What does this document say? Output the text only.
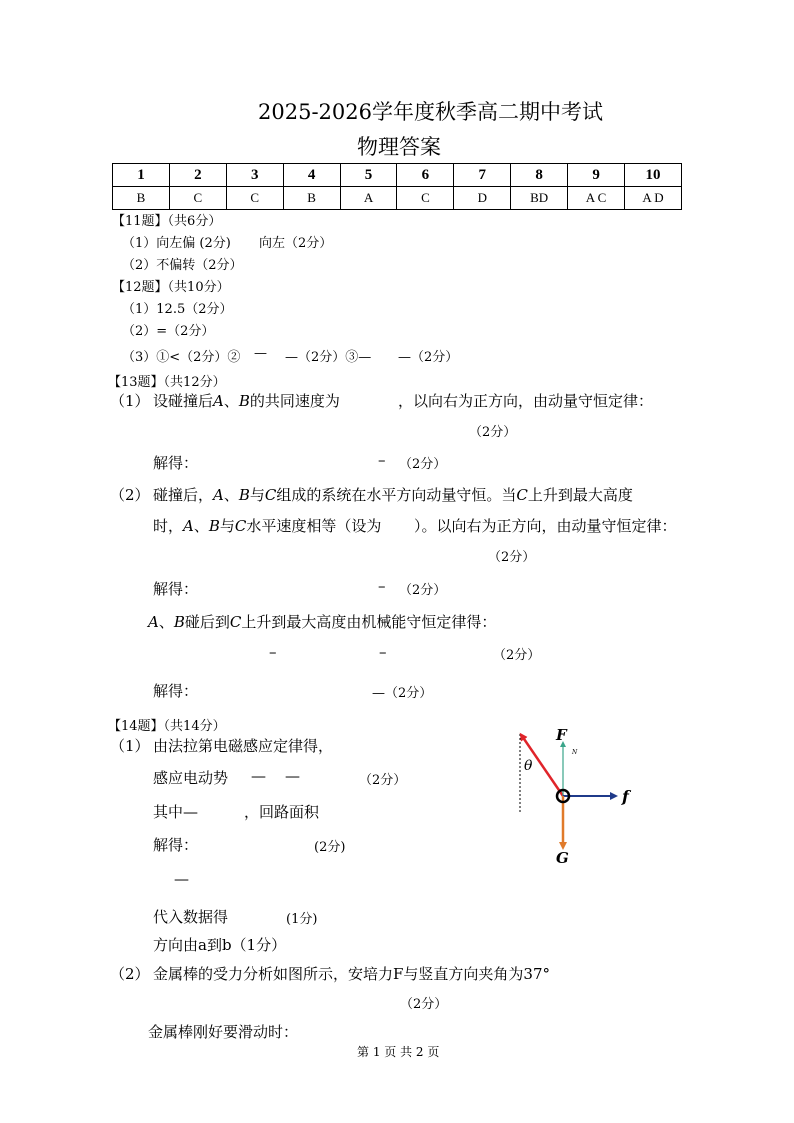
2025-2026学年度秋季高二期中考试
物理答案
1	2	3	4	5	6	7	8	9	10
B	C	C	B	A	C	D	BD	A C	A D
【11题】（共6分）
（1）向左偏 (2分) 向左（2分）
（2）不偏转（2分）
【12题】（共10分）
（1）12.5（2分）
（2）=（2分）
（3）①<（2分）② — —（2分）③— —（2分）
【13题】（共12分）
（1） 设碰撞后A、B的共同速度为	，以向右为正方向，由动量守恒定律：
（2分）
解得：	– （2分）
（2） 碰撞后，A、B与C组成的系统在水平方向动量守恒。当C上升到最大高度
时，A、B与C水平速度相等（设为 ）。以向右为正方向，由动量守恒定律：
（2分）
解得：	– （2分）
A、B碰后到C上升到最大高度由机械能守恒定律得：
–	–	（2分）
解得：	—（2分）
【14题】（共14分）
（1） 由法拉第电磁感应定律得，
感应电动势 — —	（2分）
其中—	，回路面积
解得：	(2分)
—
代入数据得	(1分)
方向由a到b（1分）
（2） 金属棒的受力分析如图所示，安培力F与竖直方向夹角为37°
（2分）
金属棒刚好要滑动时：
F
N
θ
f
G
第 1 页 共 2 页
